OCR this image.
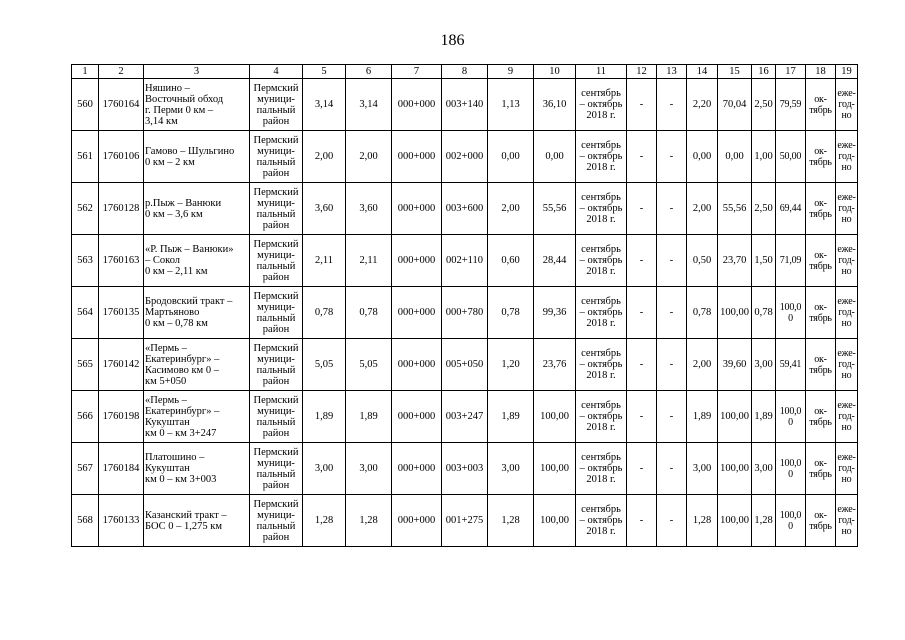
186
1	2	3	4	5	6	7	8	9	10	11	12	13	14	15	16	17	18	19
560	1760164	Няшино –
Восточный обход
г. Перми 0 км –
3,14 км	Пермский
муници-
пальный
район	3,14	3,14	000+000	003+140	1,13	36,10	сентябрь
– октябрь
2018 г.	-	-	2,20	70,04	2,50	79,59	ок-
тябрь	еже-
год-
но
561	1760106	Гамово – Шульгино
0 км – 2 км	Пермский
муници-
пальный
район	2,00	2,00	000+000	002+000	0,00	0,00	сентябрь
– октябрь
2018 г.	-	-	0,00	0,00	1,00	50,00	ок-
тябрь	еже-
год-
но
562	1760128	р.Пыж – Ванюки
0 км – 3,6 км	Пермский
муници-
пальный
район	3,60	3,60	000+000	003+600	2,00	55,56	сентябрь
– октябрь
2018 г.	-	-	2,00	55,56	2,50	69,44	ок-
тябрь	еже-
год-
но
563	1760163	«Р. Пыж – Ванюки»
– Сокол
0 км – 2,11 км	Пермский
муници-
пальный
район	2,11	2,11	000+000	002+110	0,60	28,44	сентябрь
– октябрь
2018 г.	-	-	0,50	23,70	1,50	71,09	ок-
тябрь	еже-
год-
но
564	1760135	Бродовский тракт –
Мартьяново
0 км – 0,78 км	Пермский
муници-
пальный
район	0,78	0,78	000+000	000+780	0,78	99,36	сентябрь
– октябрь
2018 г.	-	-	0,78	100,00	0,78	100,0
0	ок-
тябрь	еже-
год-
но
565	1760142	«Пермь –
Екатеринбург» –
Касимово км 0 –
км 5+050	Пермский
муници-
пальный
район	5,05	5,05	000+000	005+050	1,20	23,76	сентябрь
– октябрь
2018 г.	-	-	2,00	39,60	3,00	59,41	ок-
тябрь	еже-
год-
но
566	1760198	«Пермь –
Екатеринбург» –
Кукуштан
км 0 – км 3+247	Пермский
муници-
пальный
район	1,89	1,89	000+000	003+247	1,89	100,00	сентябрь
– октябрь
2018 г.	-	-	1,89	100,00	1,89	100,0
0	ок-
тябрь	еже-
год-
но
567	1760184	Платошино –
Кукуштан
км 0 – км 3+003	Пермский
муници-
пальный
район	3,00	3,00	000+000	003+003	3,00	100,00	сентябрь
– октябрь
2018 г.	-	-	3,00	100,00	3,00	100,0
0	ок-
тябрь	еже-
год-
но
568	1760133	Казанский тракт –
БОС 0 – 1,275 км	Пермский
муници-
пальный
район	1,28	1,28	000+000	001+275	1,28	100,00	сентябрь
– октябрь
2018 г.	-	-	1,28	100,00	1,28	100,0
0	ок-
тябрь	еже-
год-
но
